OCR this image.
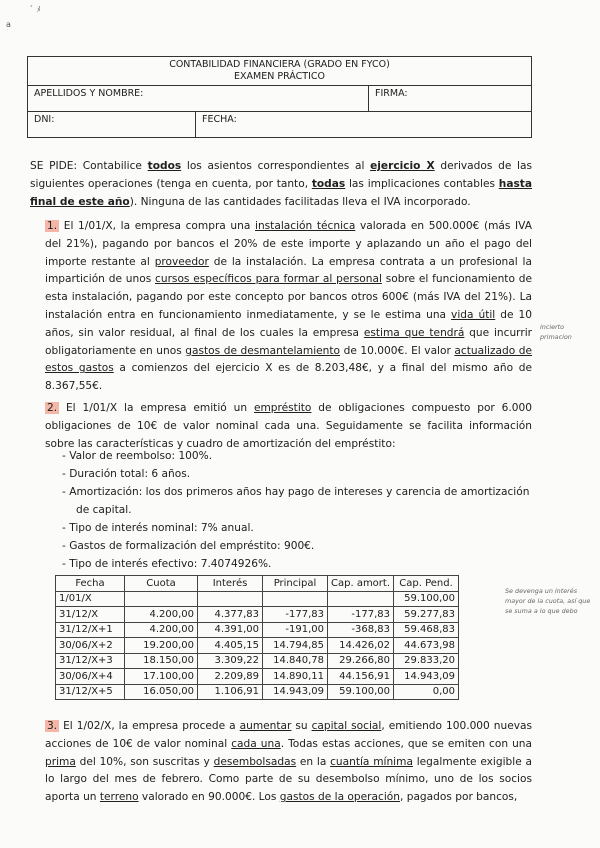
ﾞ ﾒ
a
CONTABILIDAD FINANCIERA (GRADO EN FYCO)
EXAMEN PRÁCTICO		

APELLIDOS Y NOMBRE:		FIRMA:
DNI:	FECHA:	

SE PIDE: Contabilice todos los asientos correspondientes al ejercicio X derivados de las siguientes operaciones (tenga en cuenta, por tanto, todas las implicaciones contables hasta final de este año). Ninguna de las cantidades facilitadas lleva el IVA incorporado.

1. El 1/01/X, la empresa compra una instalación técnica valorada en 500.000€ (más IVA del 21%), pagando por bancos el 20% de este importe y aplazando un año el pago del importe restante al proveedor de la instalación. La empresa contrata a un profesional la impartición de unos cursos específicos para formar al personal sobre el funcionamiento de esta instalación, pagando por este concepto por bancos otros 600€ (más IVA del 21%). La instalación entra en funcionamiento inmediatamente, y se le estima una vida útil de 10 años, sin valor residual, al final de los cuales la empresa estima que tendrá que incurrir obligatoriamente en unos gastos de desmantelamiento de 10.000€. El valor actualizado de estos gastos a comienzos del ejercicio X es de 8.203,48€, y a final del mismo año de 8.367,55€.

incierto primacion

2. El 1/01/X la empresa emitió un empréstito de obligaciones compuesto por 6.000 obligaciones de 10€ de valor nominal cada una. Seguidamente se facilita información sobre las características y cuadro de amortización del empréstito:

- Valor de reembolso: 100%.
- Duración total: 6 años.
- Amortización: los dos primeros años hay pago de intereses y carencia de amortización de capital.
- Tipo de interés nominal: 7% anual.
- Gastos de formalización del empréstito: 900€.
- Tipo de interés efectivo: 7.4074926%.
Fecha	Cuota	Interés	Principal	Cap. amort.	Cap. Pend.
1/01/X					59.100,00
31/12/X	4.200,00	4.377,83	-177,83	-177,83	59.277,83
31/12/X+1	4.200,00	4.391,00	-191,00	-368,83	59.468,83
30/06/X+2	19.200,00	4.405,15	14.794,85	14.426,02	44.673,98
31/12/X+3	18.150,00	3.309,22	14.840,78	29.266,80	29.833,20
30/06/X+4	17.100,00	2.209,89	14.890,11	44.156,91	14.943,09
31/12/X+5	16.050,00	1.106,91	14.943,09	59.100,00	0,00
Se devenga un interés mayor de la cuota, así que se suma a lo que debo

3. El 1/02/X, la empresa procede a aumentar su capital social, emitiendo 100.000 nuevas acciones de 10€ de valor nominal cada una. Todas estas acciones, que se emiten con una prima del 10%, son suscritas y desembolsadas en la cuantía mínima legalmente exigible a lo largo del mes de febrero. Como parte de su desembolso mínimo, uno de los socios aporta un terreno valorado en 90.000€. Los gastos de la operación, pagados por bancos,
